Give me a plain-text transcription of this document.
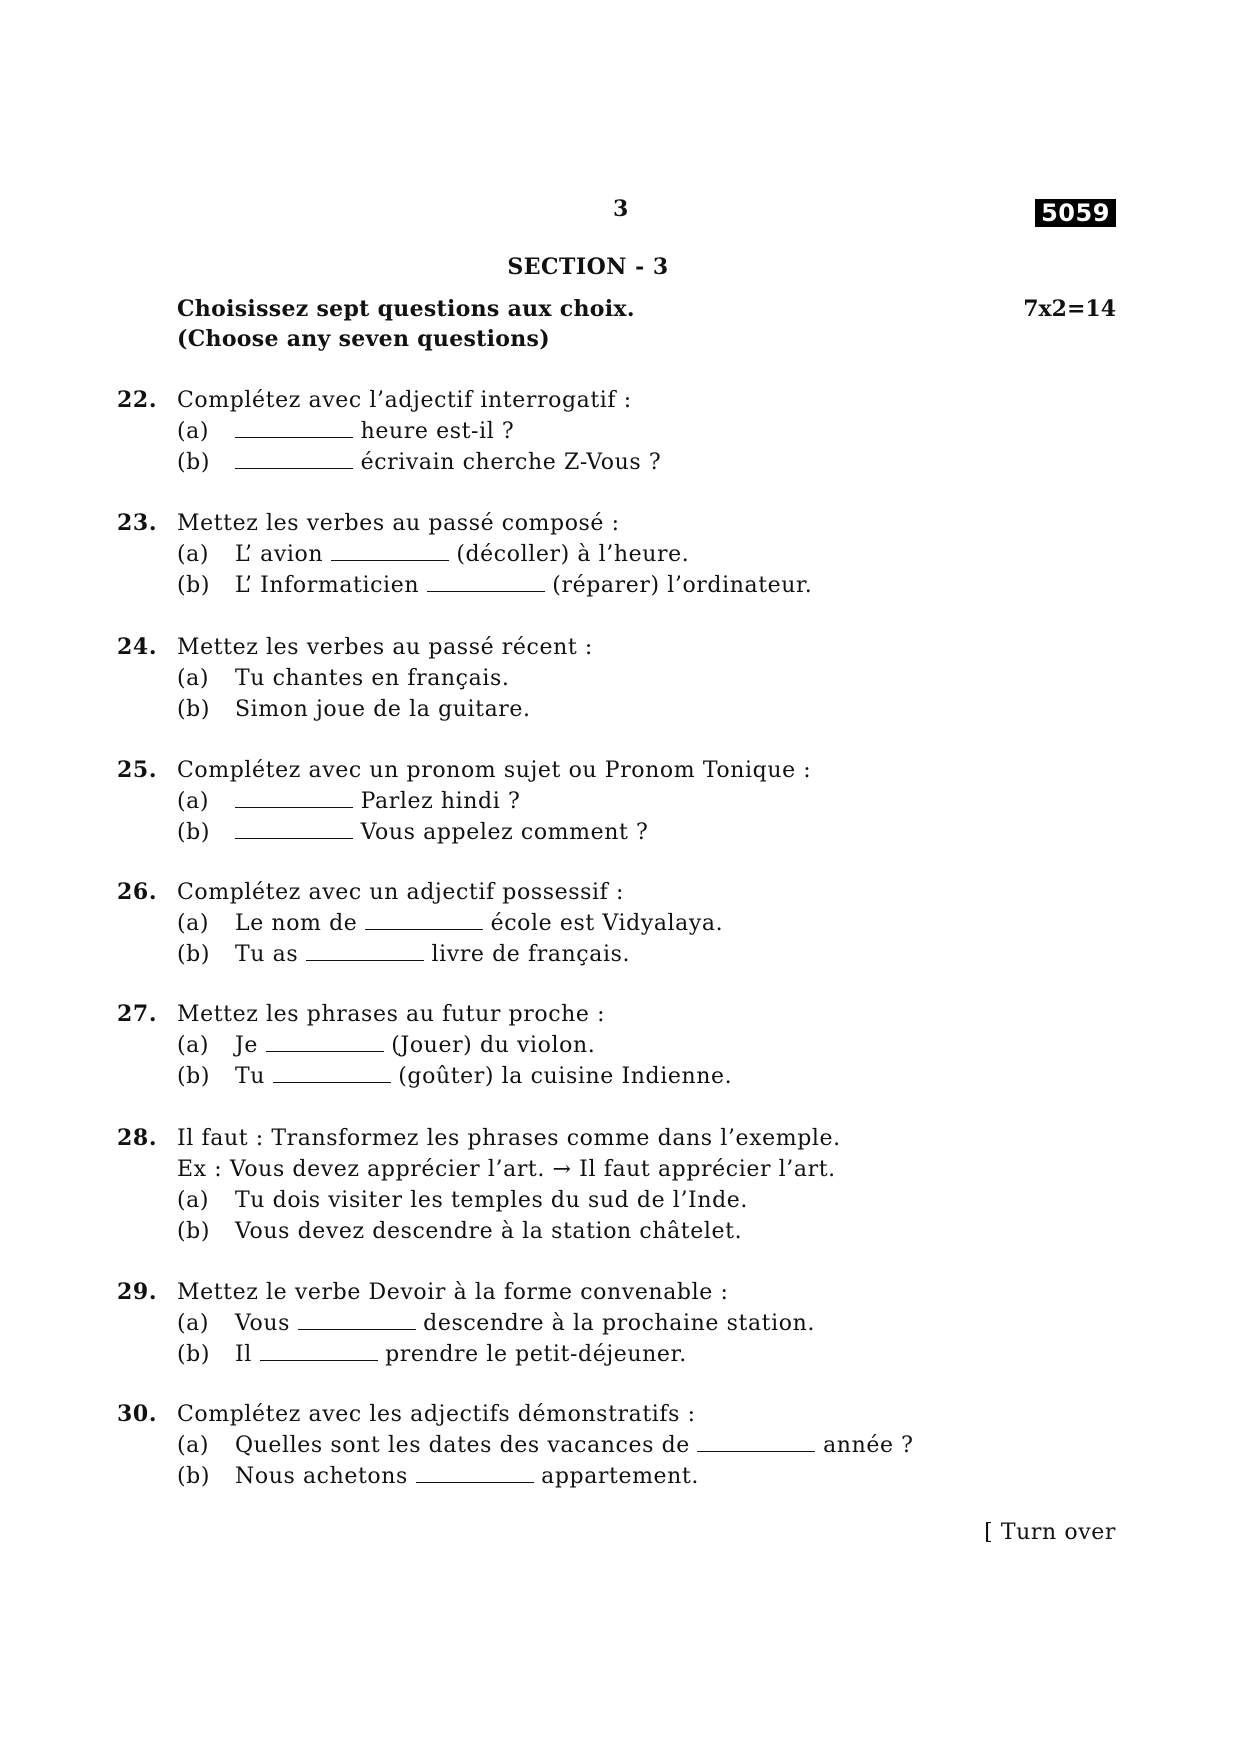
3	5059
SECTION - 3
Choisissez sept questions aux choix.
(Choose any seven questions)
7x2=14
22. Complétez avec l’adjectif interrogatif :
(a)	heure est-il ?
(b)	écrivain cherche Z-Vous ?
23. Mettez les verbes au passé composé :
(a) L’ avion	(décoller) à l’heure.
(b) L’ Informaticien	(réparer) l’ordinateur.
24. Mettez les verbes au passé récent :
(a) Tu chantes en français.
(b) Simon joue de la guitare.
25. Complétez avec un pronom sujet ou Pronom Tonique :
(a)	Parlez hindi ?
(b)	Vous appelez comment ?
26. Complétez avec un adjectif possessif :
(a) Le nom de	école est Vidyalaya.
(b) Tu as	livre de français.
27. Mettez les phrases au futur proche :
(a) Je	(Jouer) du violon.
(b) Tu	(goûter) la cuisine Indienne.
28. Il faut : Transformez les phrases comme dans l’exemple.
Ex : Vous devez apprécier l’art. → Il faut apprécier l’art.
(a) Tu dois visiter les temples du sud de l’Inde.
(b) Vous devez descendre à la station châtelet.
29. Mettez le verbe Devoir à la forme convenable :
(a) Vous	descendre à la prochaine station.
(b) Il	prendre le petit-déjeuner.
30. Complétez avec les adjectifs démonstratifs :
(a) Quelles sont les dates des vacances de	année ?
(b) Nous achetons	appartement.
[ Turn over
